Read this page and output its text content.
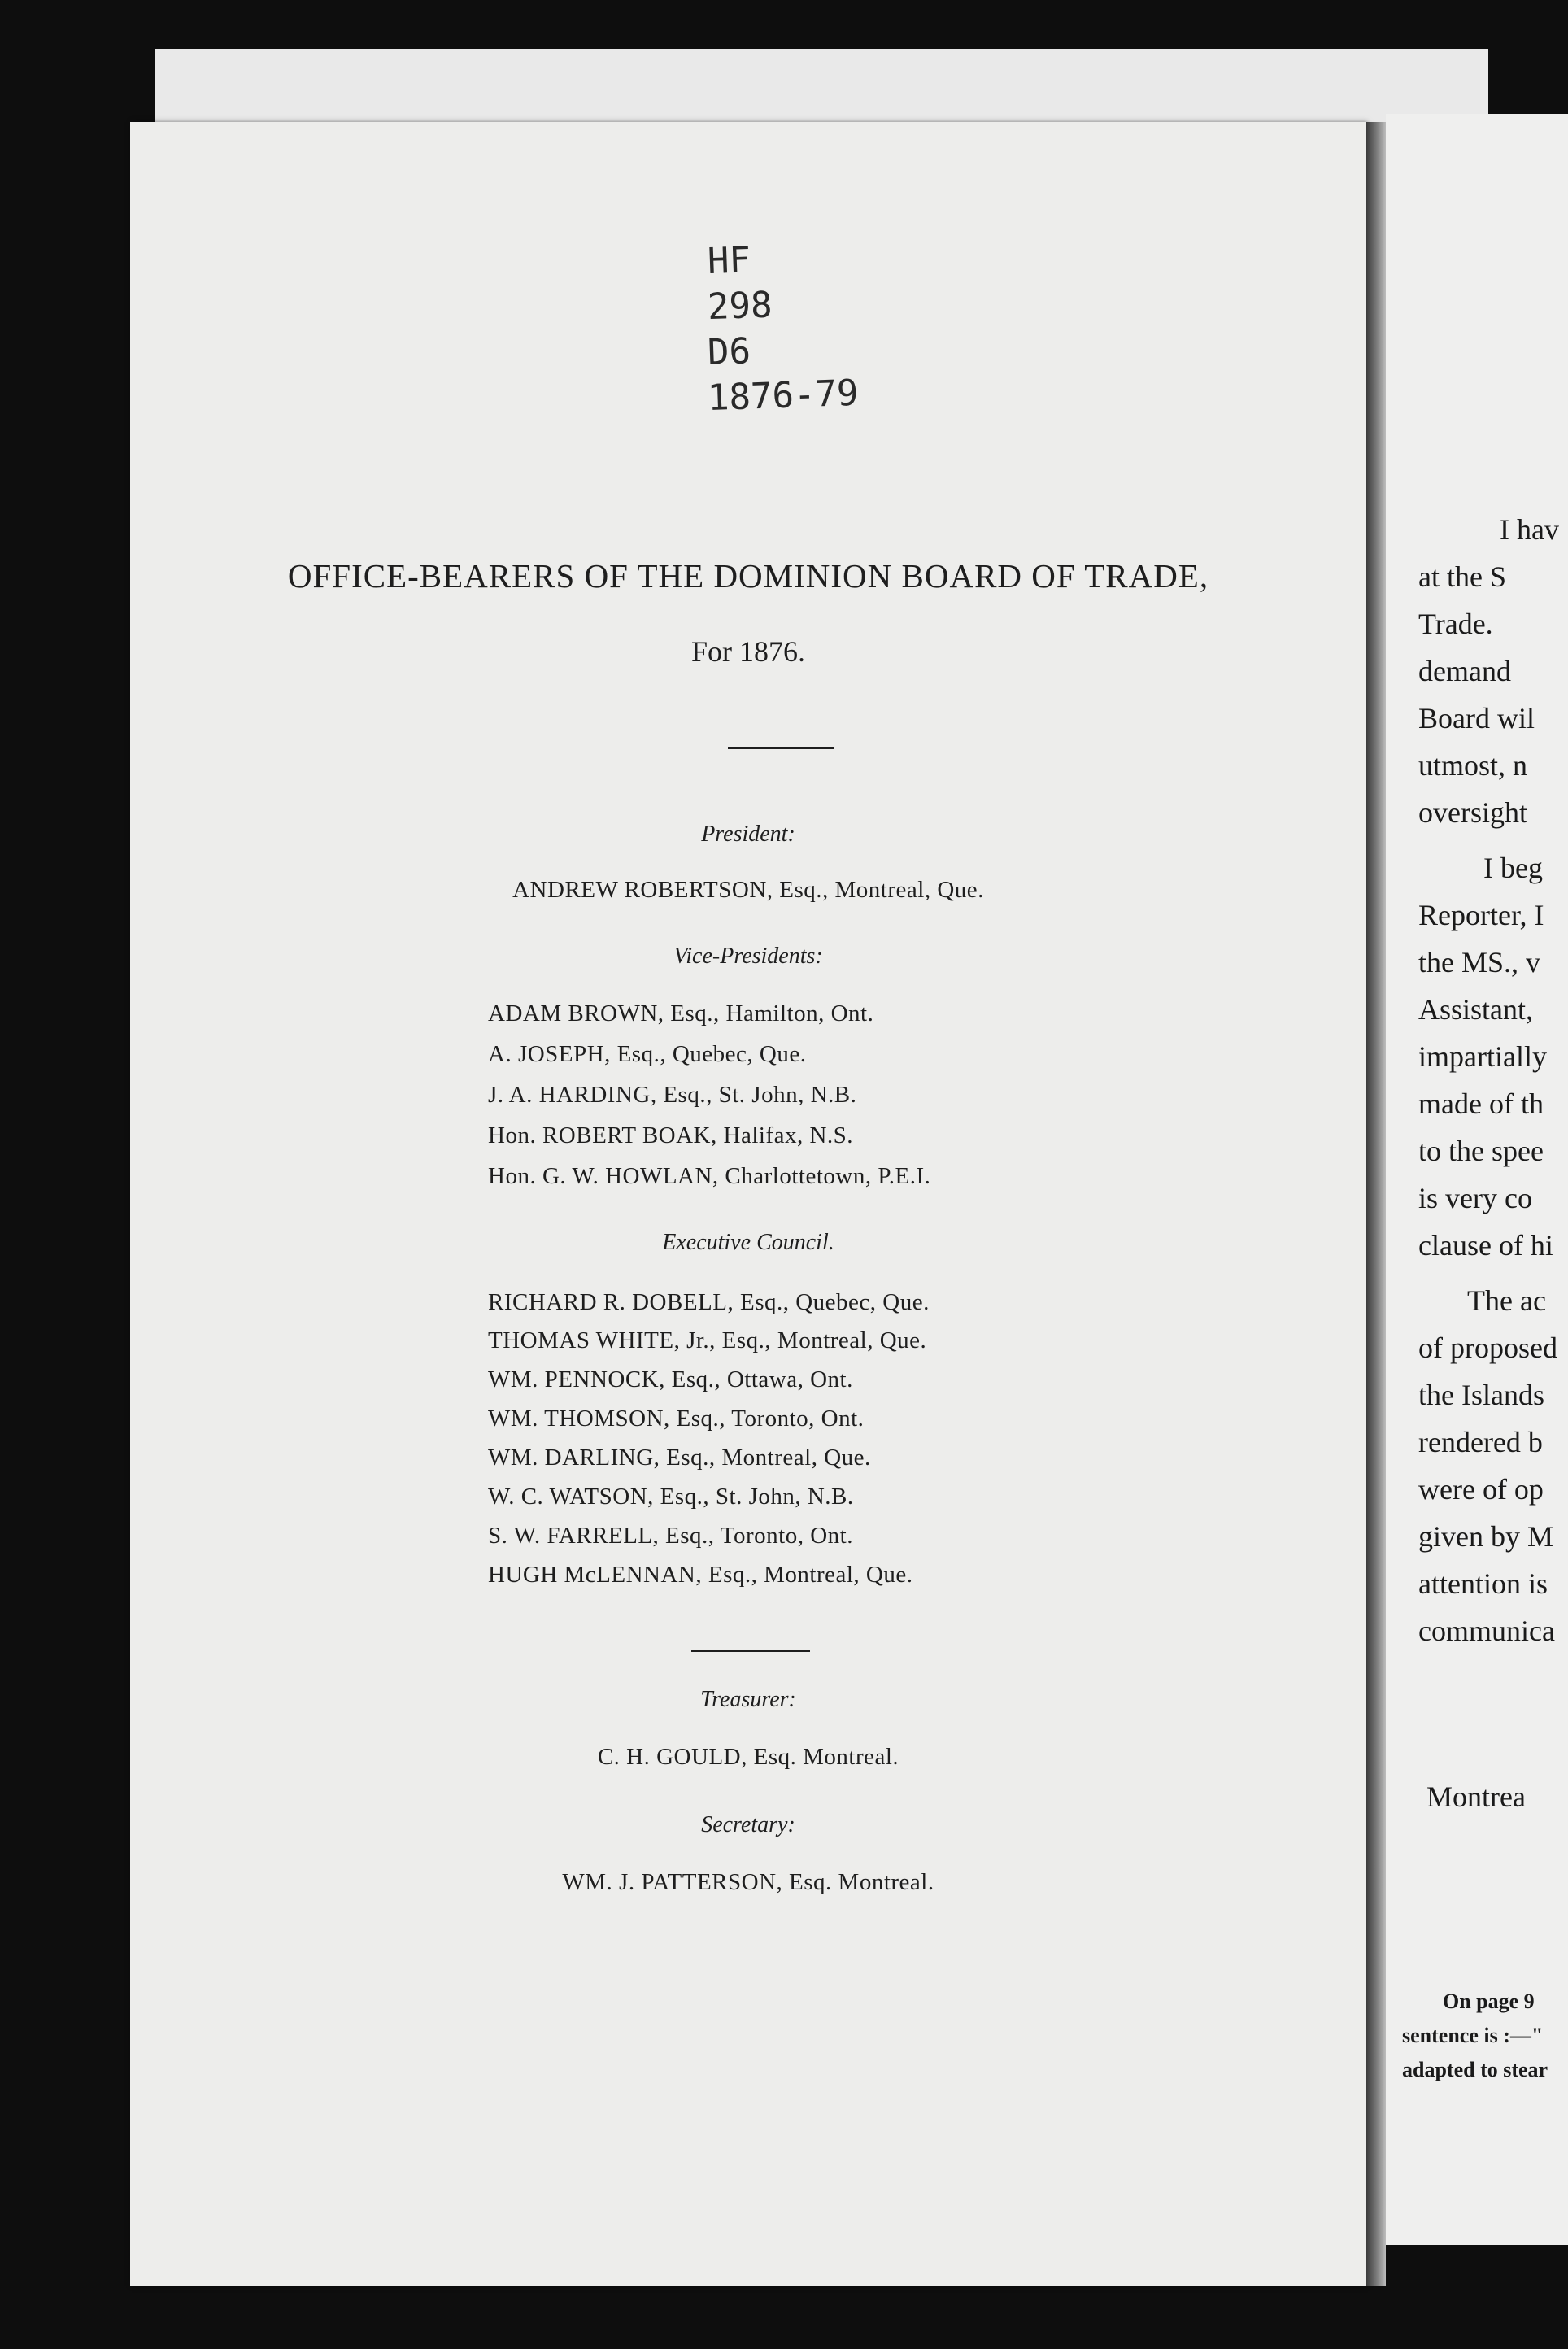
HF
298
D6
1876-79
OFFICE-BEARERS OF THE DOMINION BOARD OF TRADE,
For 1876.
President:
ANDREW ROBERTSON, Esq., Montreal, Que.
Vice-Presidents:
ADAM BROWN, Esq., Hamilton, Ont.
A. JOSEPH, Esq., Quebec, Que.
J. A. HARDING, Esq., St. John, N.B.
Hon. ROBERT BOAK, Halifax, N.S.
Hon. G. W. HOWLAN, Charlottetown, P.E.I.
Executive Council.
RICHARD R. DOBELL, Esq., Quebec, Que.
THOMAS WHITE, Jr., Esq., Montreal, Que.
WM. PENNOCK, Esq., Ottawa, Ont.
WM. THOMSON, Esq., Toronto, Ont.
WM. DARLING, Esq., Montreal, Que.
W. C. WATSON, Esq., St. John, N.B.
S. W. FARRELL, Esq., Toronto, Ont.
HUGH McLENNAN, Esq., Montreal, Que.
Treasurer:
C. H. GOULD, Esq. Montreal.
Secretary:
WM. J. PATTERSON, Esq. Montreal.
I hav
at the S
Trade.
demand
Board wil
utmost, n
oversight
I beg
Reporter, I
the MS., v
Assistant,
impartially
made of th
to the spee
is very co
clause of hi
The ac
of proposed
the Islands
rendered b
were of op
given by M
attention is
communica
Montrea
On page 9
sentence is :—"
adapted to stear
